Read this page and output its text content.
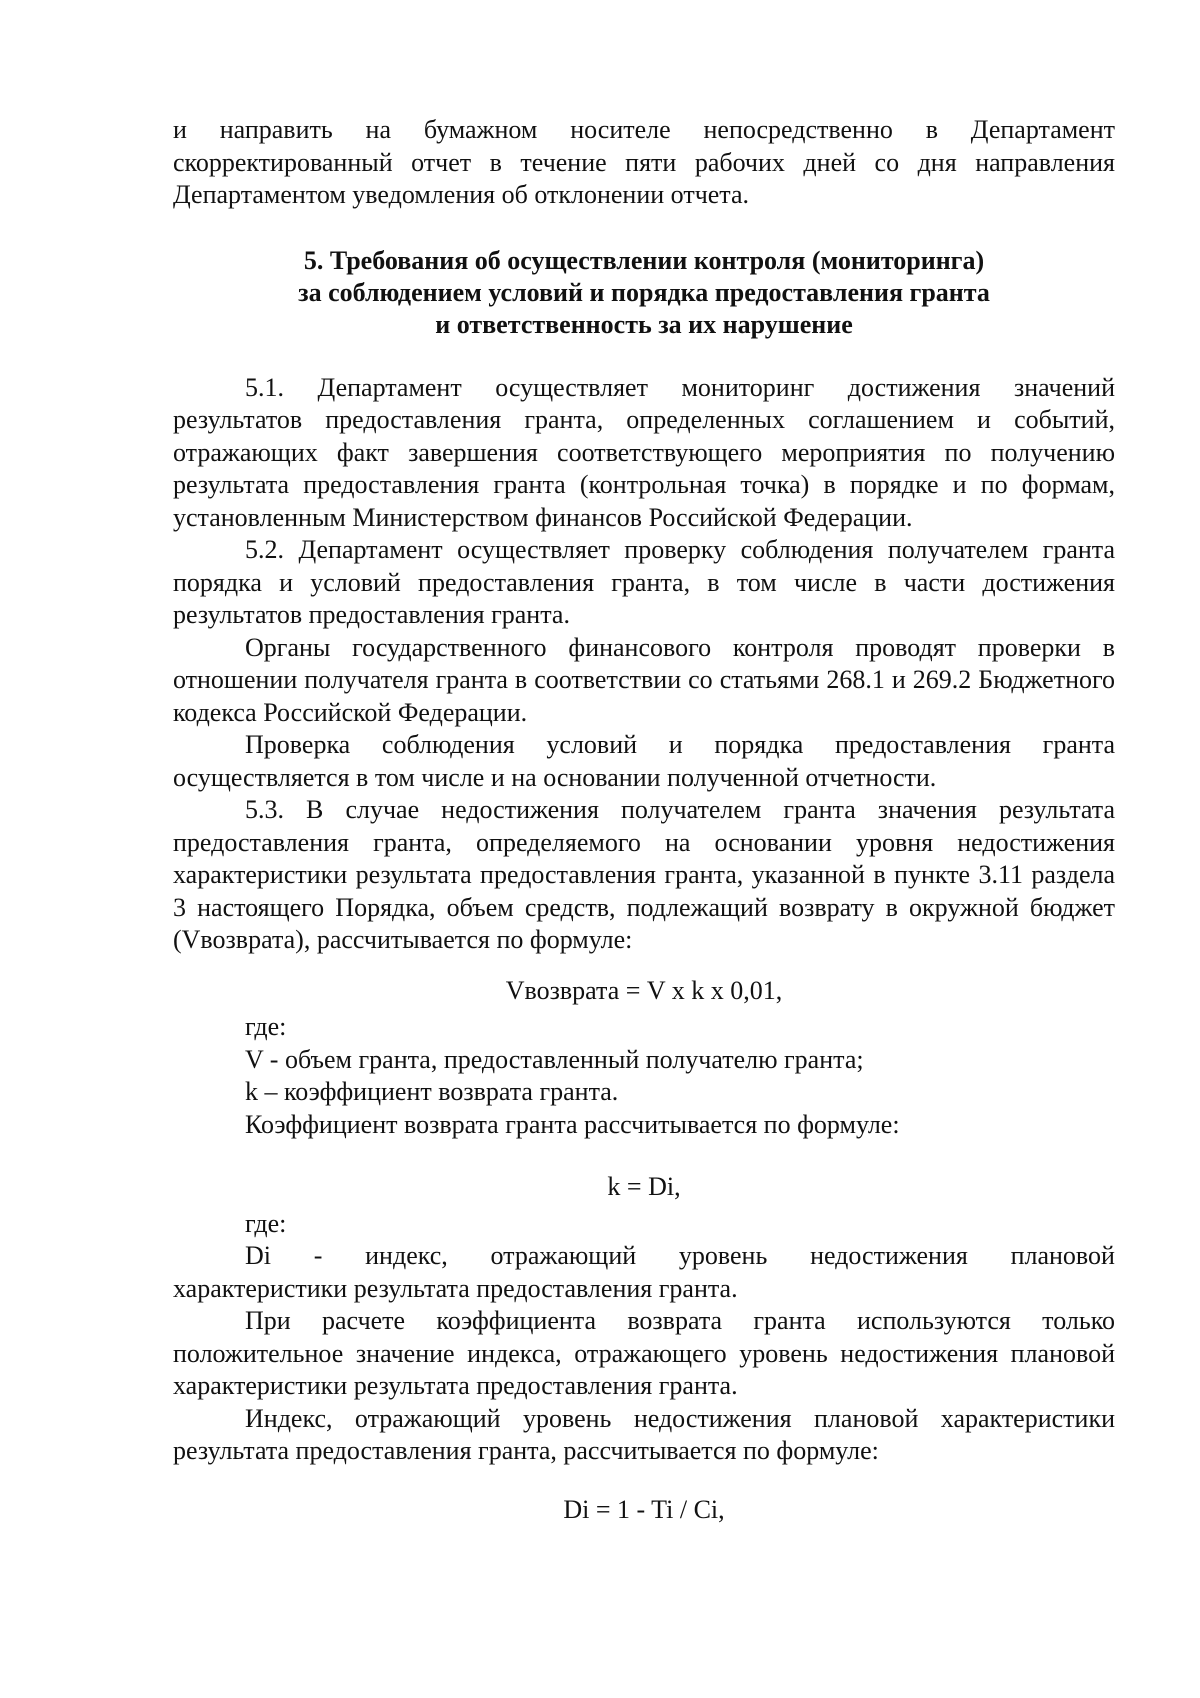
и направить на бумажном носителе непосредственно в Департамент скорректированный отчет в течение пяти рабочих дней со дня направления Департаментом уведомления об отклонении отчета.

5. Требования об осуществлении контроля (мониторинга)
за соблюдением условий и порядка предоставления гранта
и ответственность за их нарушение

5.1. Департамент осуществляет мониторинг достижения значений результатов предоставления гранта, определенных соглашением и событий, отражающих факт завершения соответствующего мероприятия по получению результата предоставления гранта (контрольная точка) в порядке и по формам, установленным Министерством финансов Российской Федерации.

5.2. Департамент осуществляет проверку соблюдения получателем гранта порядка и условий предоставления гранта, в том числе в части достижения результатов предоставления гранта.

Органы государственного финансового контроля проводят проверки в отношении получателя гранта в соответствии со статьями 268.1 и 269.2 Бюджетного кодекса Российской Федерации.

Проверка соблюдения условий и порядка предоставления гранта осуществляется в том числе и на основании полученной отчетности.

5.3. В случае недостижения получателем гранта значения результата предоставления гранта, определяемого на основании уровня недостижения характеристики результата предоставления гранта, указанной в пункте 3.11 раздела 3 настоящего Порядка, объем средств, подлежащий возврату в окружной бюджет (Vвозврата), рассчитывается по формуле:

Vвозврата = V x k x 0,01,

где:

V - объем гранта, предоставленный получателю гранта;

k – коэффициент возврата гранта.

Коэффициент возврата гранта рассчитывается по формуле:

k = Di,

где:

Di - индекс, отражающий уровень недостижения плановой

характеристики результата предоставления гранта.

При расчете коэффициента возврата гранта используются только положительное значение индекса, отражающего уровень недостижения плановой характеристики результата предоставления гранта.

Индекс, отражающий уровень недостижения плановой характеристики результата предоставления гранта, рассчитывается по формуле:

Di = 1 - Ti / Ci,
